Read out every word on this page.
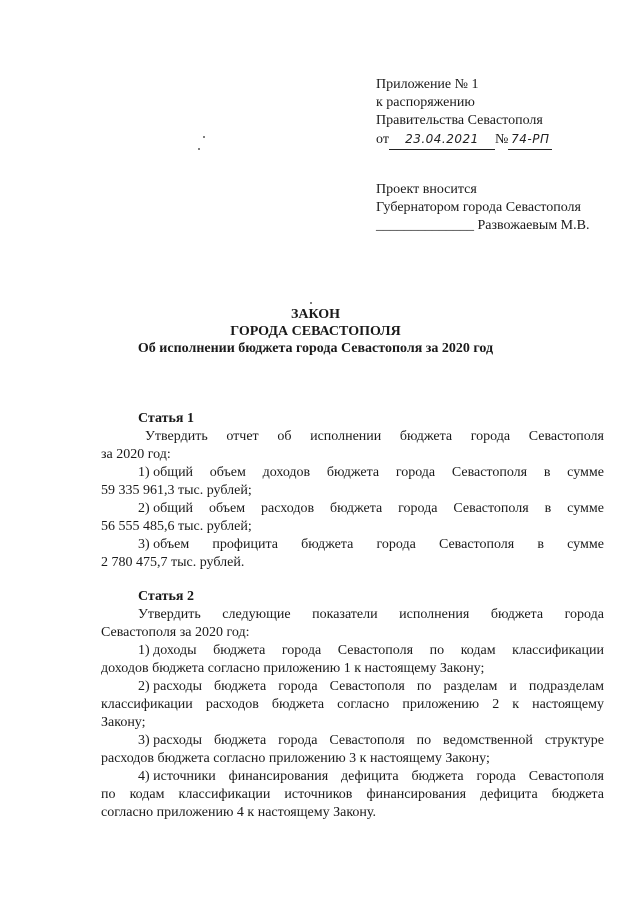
Приложение № 1
к распоряжению
Правительства Севастополя
от 23.04.2021 № 74-РП
Проект вносится
Губернатором города Севастополя
______________ Развожаевым М.В.
ЗАКОН
ГОРОДА СЕВАСТОПОЛЯ
Об исполнении бюджета города Севастополя за 2020 год
Статья 1
Утвердить отчет об исполнении бюджета города Севастополя
за 2020 год:
1) общий объем доходов бюджета города Севастополя в сумме
59 335 961,3 тыс. рублей;
2) общий объем расходов бюджета города Севастополя в сумме
56 555 485,6 тыс. рублей;
3) объем профицита бюджета города Севастополя в сумме
2 780 475,7 тыс. рублей.
Статья 2
Утвердить следующие показатели исполнения бюджета города
Севастополя за 2020 год:
1) доходы бюджета города Севастополя по кодам классификации
доходов бюджета согласно приложению 1 к настоящему Закону;
2) расходы бюджета города Севастополя по разделам и подразделам
классификации расходов бюджета согласно приложению 2 к настоящему
Закону;
3) расходы бюджета города Севастополя по ведомственной структуре
расходов бюджета согласно приложению 3 к настоящему Закону;
4) источники финансирования дефицита бюджета города Севастополя
по кодам классификации источников финансирования дефицита бюджета
согласно приложению 4 к настоящему Закону.
